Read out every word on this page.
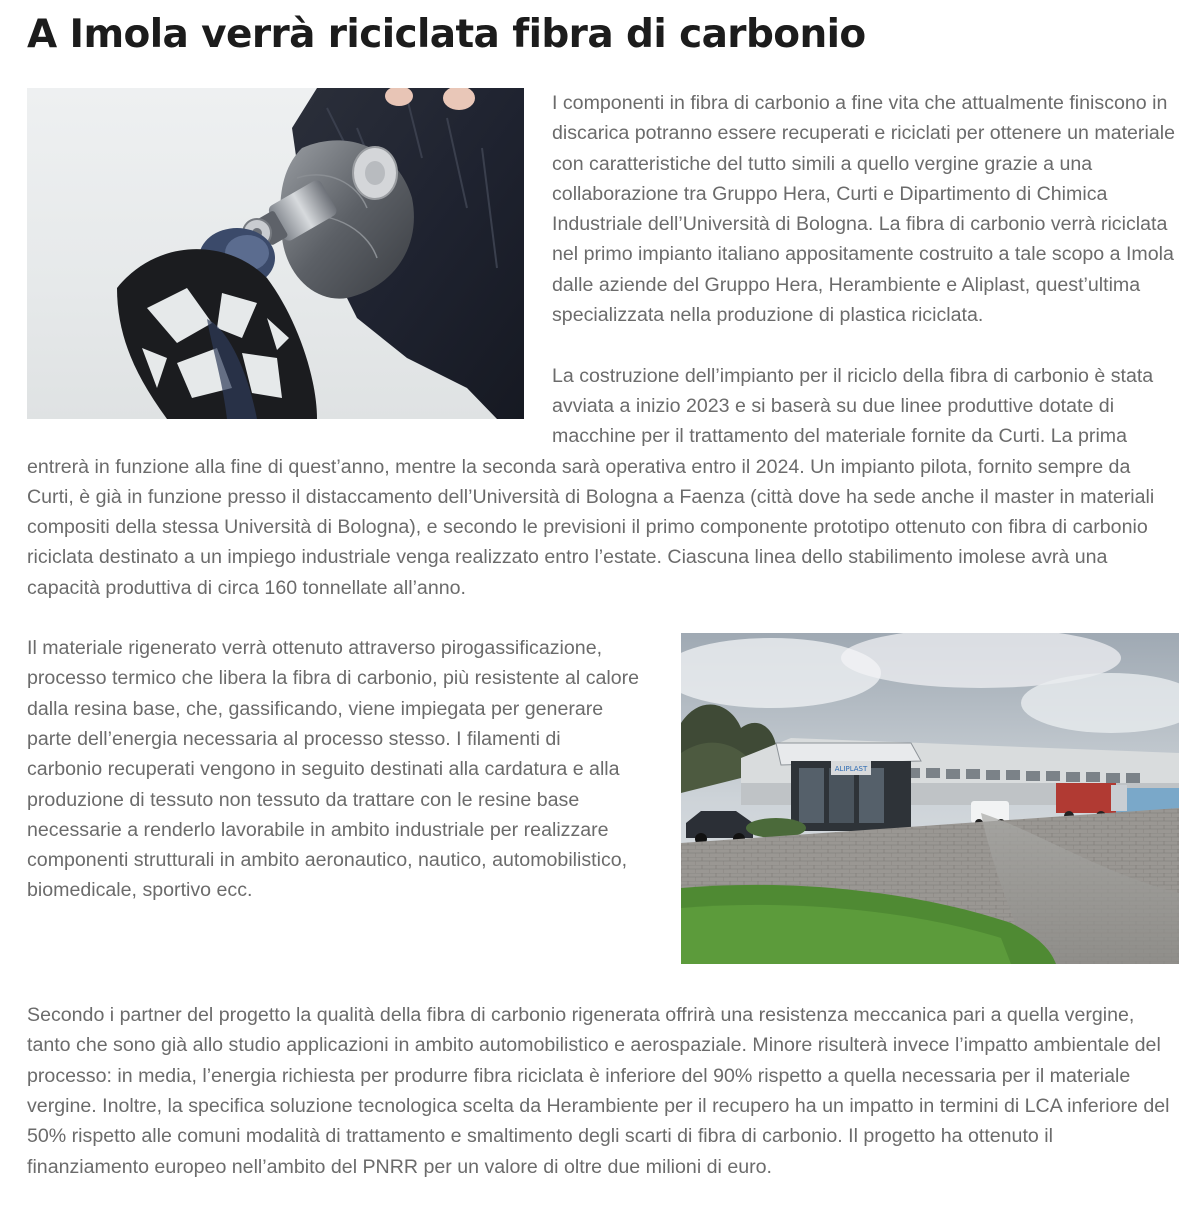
A Imola verrà riciclata fibra di carbonio

I componenti in fibra di carbonio a fine vita che attualmente finiscono in discarica potranno essere recuperati e riciclati per ottenere un materiale con caratteristiche del tutto simili a quello vergine grazie a una collaborazione tra Gruppo Hera, Curti e Dipartimento di Chimica Industriale dell’Università di Bologna. La fibra di carbonio verrà riciclata nel primo impianto italiano appositamente costruito a tale scopo a Imola dalle aziende del Gruppo Hera, Herambiente e Aliplast, quest’ultima specializzata nella produzione di plastica riciclata.

La costruzione dell’impianto per il riciclo della fibra di carbonio è stata avviata a inizio 2023 e si baserà su due linee produttive dotate di macchine per il trattamento del materiale fornite da Curti. La prima entrerà in funzione alla fine di quest’anno, mentre la seconda sarà operativa entro il 2024. Un impianto pilota, fornito sempre da Curti, è già in funzione presso il distaccamento dell’Università di Bologna a Faenza (città dove ha sede anche il master in materiali compositi della stessa Università di Bologna), e secondo le previsioni il primo componente prototipo ottenuto con fibra di carbonio riciclata destinato a un impiego industriale venga realizzato entro l’estate. Ciascuna linea dello stabilimento imolese avrà una capacità produttiva di circa 160 tonnellate all’anno.

ALIPLAST

Il materiale rigenerato verrà ottenuto attraverso pirogassificazione, processo termico che libera la fibra di carbonio, più resistente al calore dalla resina base, che, gassificando, viene impiegata per generare parte dell’energia necessaria al processo stesso. I filamenti di carbonio recuperati vengono in seguito destinati alla cardatura e alla produzione di tessuto non tessuto da trattare con le resine base necessarie a renderlo lavorabile in ambito industriale per realizzare componenti strutturali in ambito aeronautico, nautico, automobilistico, biomedicale, sportivo ecc.

Secondo i partner del progetto la qualità della fibra di carbonio rigenerata offrirà una resistenza meccanica pari a quella vergine, tanto che sono già allo studio applicazioni in ambito automobilistico e aerospaziale. Minore risulterà invece l’impatto ambientale del processo: in media, l’energia richiesta per produrre fibra riciclata è inferiore del 90% rispetto a quella necessaria per il materiale vergine. Inoltre, la specifica soluzione tecnologica scelta da Herambiente per il recupero ha un impatto in termini di LCA inferiore del 50% rispetto alle comuni modalità di trattamento e smaltimento degli scarti di fibra di carbonio. Il progetto ha ottenuto il finanziamento europeo nell’ambito del PNRR per un valore di oltre due milioni di euro.
